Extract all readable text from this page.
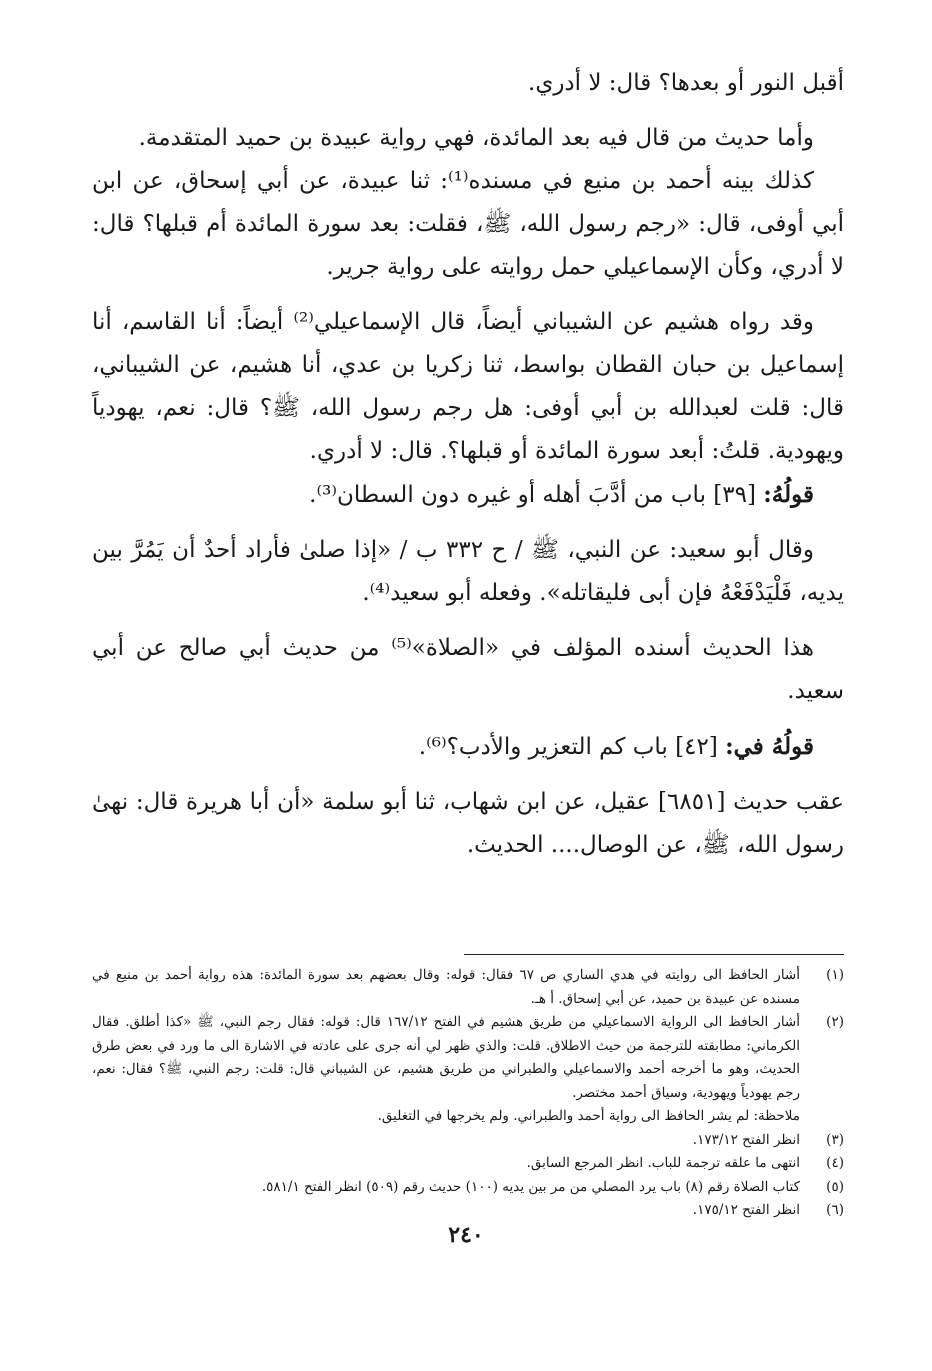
أقبل النور أو بعدها؟ قال: لا أدري.

وأما حديث من قال فيه بعد المائدة، فهي رواية عبيدة بن حميد المتقدمة.

كذلك بينه أحمد بن منيع في مسنده⁽¹⁾: ثنا عبيدة، عن أبي إسحاق، عن ابن أبي أوفى، قال: «رجم رسول الله، ﷺ، فقلت: بعد سورة المائدة أم قبلها؟ قال: لا أدري، وكأن الإسماعيلي حمل روايته على رواية جرير.

وقد رواه هشيم عن الشيباني أيضاً، قال الإسماعيلي⁽²⁾ أيضاً: أنا القاسم، أنا إسماعيل بن حبان القطان بواسط، ثنا زكريا بن عدي، أنا هشيم، عن الشيباني، قال: قلت لعبدالله بن أبي أوفى: هل رجم رسول الله، ﷺ؟ قال: نعم، يهودياً ويهودية. قلتُ: أبعد سورة المائدة أو قبلها؟. قال: لا أدري.

قولُهُ: [٣٩] باب من أدَّبَ أهله أو غيره دون السطان⁽³⁾.

وقال أبو سعيد: عن النبي، ﷺ / ح ٣٣٢ ب / «إذا صلىٰ فأراد أحدٌ أن يَمُرَّ بين يديه، فَلْيَدْفَعْهُ فإن أبى فليقاتله». وفعله أبو سعيد⁽⁴⁾.

هذا الحديث أسنده المؤلف في «الصلاة»⁽⁵⁾ من حديث أبي صالح عن أبي سعيد.

قولُهُ في: [٤٢] باب كم التعزير والأدب؟⁽⁶⁾.

عقب حديث [٦٨٥١] عقيل، عن ابن شهاب، ثنا أبو سلمة «أن أبا هريرة قال: نهىٰ رسول الله، ﷺ، عن الوصال.... الحديث.

(١)

أشار الحافظ الى روايته في هدي الساري ص ٦٧ فقال: قوله: وقال بعضهم بعد سورة المائدة: هذه رواية أحمد بن منيع في مسنده عن عبيدة بن حميد، عن أبي إسحاق. أ هـ.

(٢)

أشار الحافظ الى الرواية الاسماعيلي من طريق هشيم في الفتح ١٦٧/١٢ قال: قوله: فقال رجم النبي، ﷺ «كذا أطلق. فقال الكرماني: مطابقته للترجمة من حيث الاطلاق. قلت: والذي ظهر لي أنه جرى على عادته في الاشارة الى ما ورد في بعض طرق الحديث، وهو ما أخرجه أحمد والاسماعيلي والطبراني من طريق هشيم، عن الشيباني قال: قلت: رجم النبي، ﷺ؟ فقال: نعم، رجم يهودياً ويهودية، وسياق أحمد مختصر.

ملاحظة: لم يشر الحافظ الى رواية أحمد والطبراني. ولم يخرجها في التغليق.

(٣)

انظر الفتح ١٧٣/١٢.

(٤)

انتهى ما علقه ترجمة للباب. انظر المرجع السابق.

(٥)

كتاب الصلاة رقم (٨) باب يرد المصلي من مر بين يديه (١٠٠) حديث رقم (٥٠٩) انظر الفتح ٥٨١/١.

(٦)

انظر الفتح ١٧٥/١٢.

٢٤٠
